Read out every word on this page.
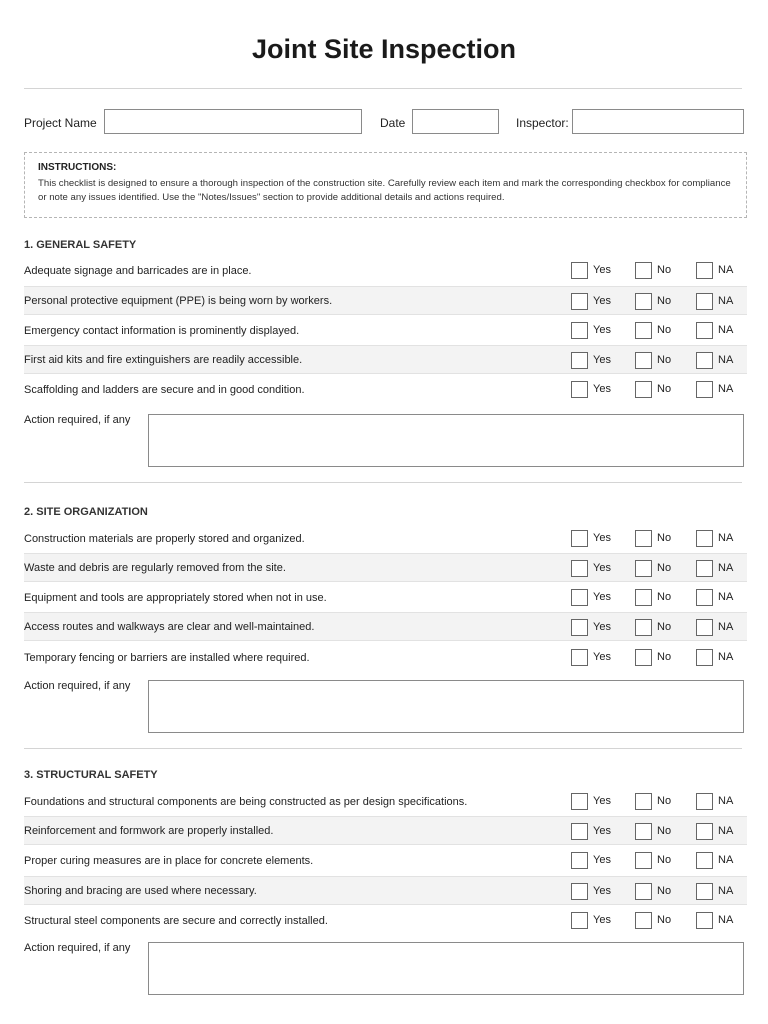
Joint Site Inspection
Project Name	Date	Inspector:
INSTRUCTIONS:
This checklist is designed to ensure a thorough inspection of the construction site. Carefully review each item and mark the corresponding checkbox for compliance or note any issues identified. Use the "Notes/Issues" section to provide additional details and actions required.
1. GENERAL SAFETY
Adequate signage and barricades are in place.	Yes	No	NA
Personal protective equipment (PPE) is being worn by workers.	Yes	No	NA
Emergency contact information is prominently displayed.	Yes	No	NA
First aid kits and fire extinguishers are readily accessible.	Yes	No	NA
Scaffolding and ladders are secure and in good condition.	Yes	No	NA
Action required, if any
2. SITE ORGANIZATION
Construction materials are properly stored and organized.	Yes	No	NA
Waste and debris are regularly removed from the site.	Yes	No	NA
Equipment and tools are appropriately stored when not in use.	Yes	No	NA
Access routes and walkways are clear and well-maintained.	Yes	No	NA
Temporary fencing or barriers are installed where required.	Yes	No	NA
Action required, if any
3. STRUCTURAL SAFETY
Foundations and structural components are being constructed as per design specifications.	Yes	No	NA
Reinforcement and formwork are properly installed.	Yes	No	NA
Proper curing measures are in place for concrete elements.	Yes	No	NA
Shoring and bracing are used where necessary.	Yes	No	NA
Structural steel components are secure and correctly installed.	Yes	No	NA
Action required, if any
